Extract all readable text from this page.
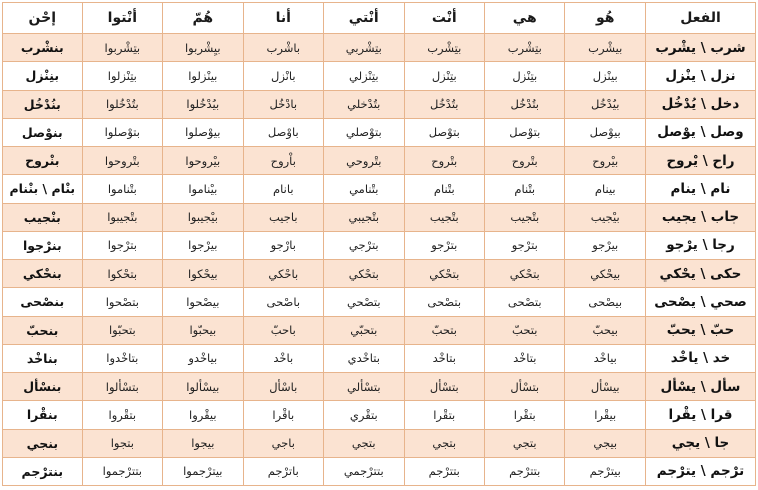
الفعل	هُو	هي	أنْت	أنْتي	أنا	هُمّ	أنْتوا	إحْن
شرب \ يشْرب	بيشْرب	بتِشْرب	بتِشْرب	بتِشْربي	باشْرب	بيِشْربوا	بتِشْربوا	بنشْرب
نزل \ ينْزل	بينْزل	بتِنْزل	بتِنْزل	بتِنْزلي	بانْزل	بينْزلوا	بتِنْزلوا	بنِنْزل
دخل \ يُدْخُل	بيُدْخُل	بتُدْخُل	بتُدْخُل	بتُدْخلي	بادْخُل	بيُدْخُلوا	بتُدْخُلوا	بنُدْخُل
وصل \ يوْصل	بيوْصل	بتوْصل	بتوْصل	بتوْصلي	باوْصل	بيوْصلوا	بتوْصلوا	بنوْصل
راح \ يْروح	بيْروح	بتْروح	بتْروح	بتْروحي	باْروح	بيْروحوا	بتْروحوا	بنْروح
نام \ ينام	بينام	بتْنام	بتْنام	بتْنامي	بانام	بيْناموا	بتْناموا	بنْام \ بنْنام
جاب \ يجيب	بيْجيب	بتْجيب	بتْجيب	بتْجيبي	باجيب	بيْجيبوا	بتْجيبوا	بنْجيب
رجا \ يرْجو	بيرْجو	بترْجو	بترْجو	بترْجي	بارْجو	بيرْجوا	بترْجوا	بنرْجوا
حكى \ يحْكي	بيحْكي	بتحْكي	بتحْكي	بتحْكي	باحْكي	بيحْكوا	بتحْكوا	بنحْكي
صحي \ يصْحى	بيصْحى	بتصْحى	بتصْحى	بتصْحي	باصْحى	بيصْحوا	بتصْحوا	بنصْحى
حبّ \ يحبّ	بيحبّ	بتحبّ	بتحبّ	بتحبّي	باحبّ	بيحبّوا	بتحبّوا	بنحبّ
خد \ ياخْد	بياخْد	بتاخْد	بتاخْد	بتاخْدي	باخْد	بياخْدو	بتاخْدوا	بناخْد
سأل \ يسْأل	بيسْأل	بتسْأل	بتسْأل	بتسْألي	باسْأل	بيسْألوا	بتسْألوا	بنسْأل
قرا \ يقْرا	بيقْرا	بتقْرا	بتقْرا	بتقْري	باقْرا	بيقْروا	بتقْروا	بنقْرا
جا \ يجي	بيجي	بتجي	بتجي	بتجي	باجي	بيجوا	بتجوا	بنجي
ترْجم \ يترْجم	بيترْجم	بتترْجم	بتترْجم	بتترْجمي	باترْجم	بيترْجموا	بتترْجموا	بنترْجم
